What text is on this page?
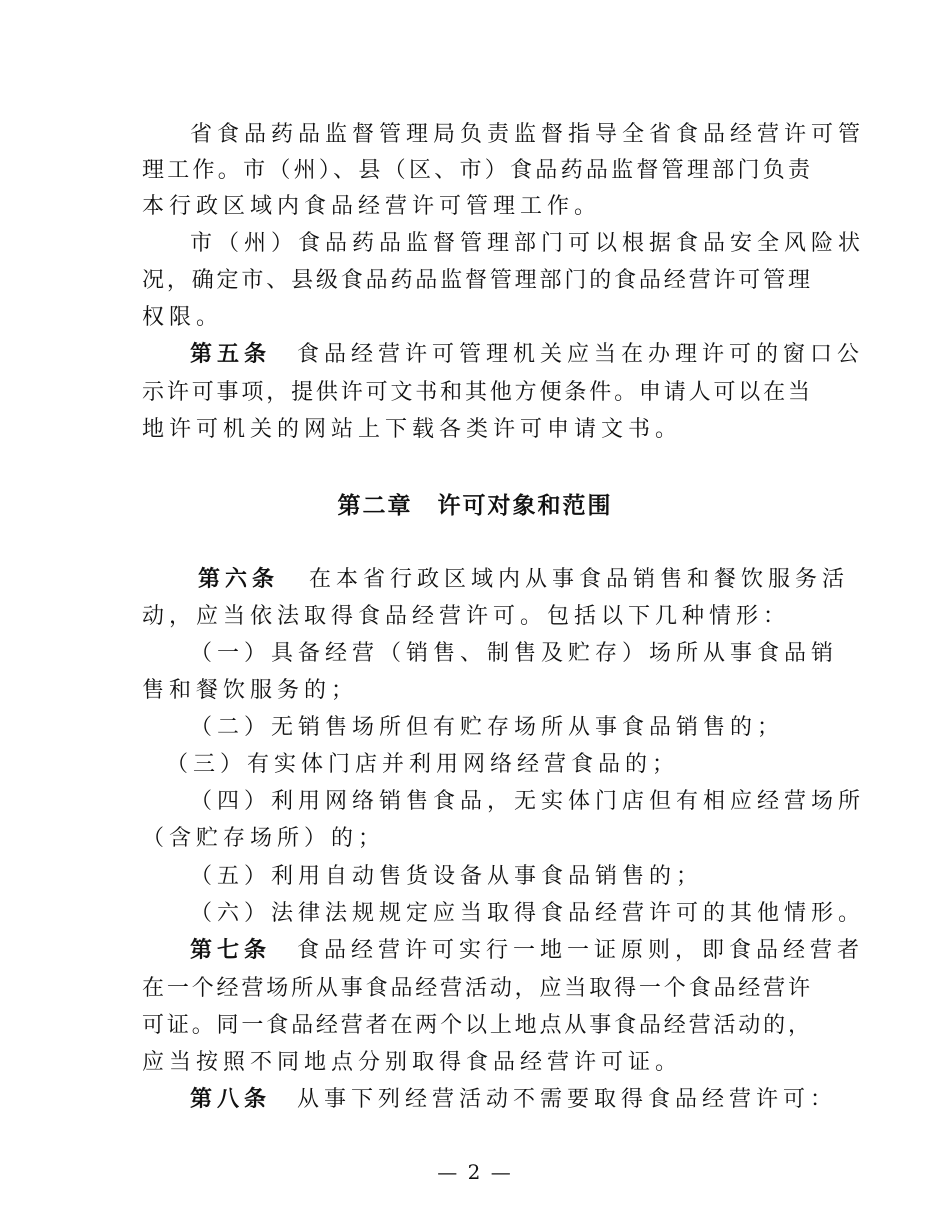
省食品药品监督管理局负责监督指导全省食品经营许可管
理工作。市（州）、县（区、市）食品药品监督管理部门负责
本行政区域内食品经营许可管理工作。
市（州）食品药品监督管理部门可以根据食品安全风险状
况，确定市、县级食品药品监督管理部门的食品经营许可管理
权限。
第五条 食品经营许可管理机关应当在办理许可的窗口公
示许可事项，提供许可文书和其他方便条件。申请人可以在当
地许可机关的网站上下载各类许可申请文书。
第二章　许可对象和范围
第六条 在本省行政区域内从事食品销售和餐饮服务活
动，应当依法取得食品经营许可。包括以下几种情形：
（一）具备经营（销售、制售及贮存）场所从事食品销
售和餐饮服务的；
（二）无销售场所但有贮存场所从事食品销售的；
（三）有实体门店并利用网络经营食品的；
（四）利用网络销售食品，无实体门店但有相应经营场所
（含贮存场所）的；
（五）利用自动售货设备从事食品销售的；
（六）法律法规规定应当取得食品经营许可的其他情形。
第七条 食品经营许可实行一地一证原则，即食品经营者
在一个经营场所从事食品经营活动，应当取得一个食品经营许
可证。同一食品经营者在两个以上地点从事食品经营活动的，
应当按照不同地点分别取得食品经营许可证。
第八条 从事下列经营活动不需要取得食品经营许可：
— 2 —
